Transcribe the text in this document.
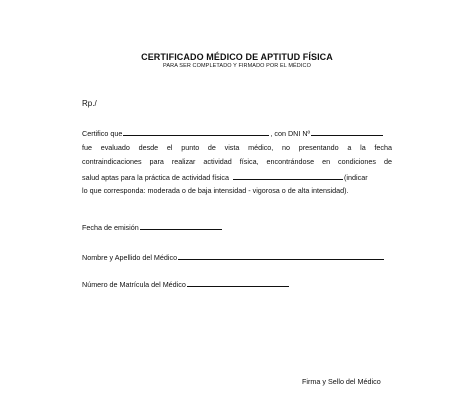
CERTIFICADO MÉDICO DE APTITUD FÍSICA
PARA SER COMPLETADO Y FIRMADO POR EL MÉDICO
Rp./
Certifico que	, con DNI Nº
fue evaluado desde el punto de vista médico, no presentando a la fecha
contraindicaciones para realizar actividad física, encontrándose en condiciones de
salud aptas para la práctica de actividad física	(indicar
lo que corresponda: moderada o de baja intensidad - vigorosa o de alta intensidad).
Fecha de emisión
Nombre y Apellido del Médico
Número de Matrícula del Médico
Firma y Sello del Médico
